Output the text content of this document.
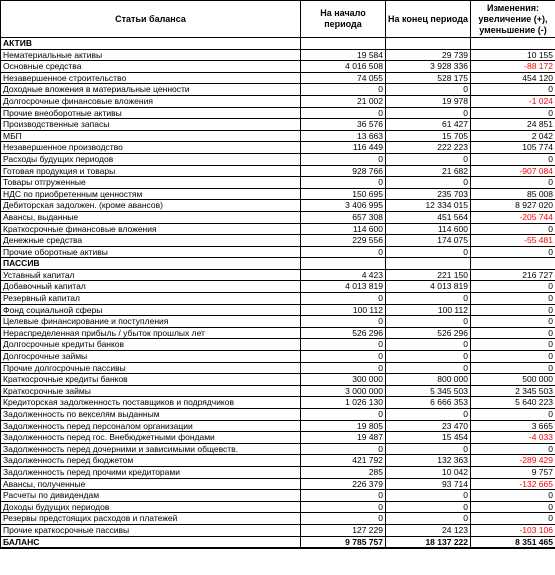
Статьи баланса	На начало периода	На конец периода	Изменения: увеличение (+), уменьшение (-)
АКТИВ			
Нематериальные активы	19 584	29 739	10 155
Основные средства	4 016 508	3 928 336	-88 172
Незавершенное строительство	74 055	528 175	454 120
Доходные вложения в материальные ценности	0	0	0
Долгосрочные финансовые вложения	21 002	19 978	-1 024
Прочие внеоборотные активы	0	0	0
Производственные запасы	36 576	61 427	24 851
МБП	13 663	15 705	2 042
Незавершенное производство	116 449	222 223	105 774
Расходы будущих периодов	0	0	0
Готовая продукция и товары	928 766	21 682	-907 084
Товары отгруженные	0	0	0
НДС по приобретенным ценностям	150 695	235 703	85 008
Дебиторская задолжен. (кроме авансов)	3 406 995	12 334 015	8 927 020
Авансы, выданные	657 308	451 564	-205 744
Краткосрочные финансовые вложения	114 600	114 600	0
Денежные средства	229 556	174 075	-55 481
Прочие оборотные активы	0	0	0
ПАССИВ			
Уставный капитал	4 423	221 150	216 727
Добавочный капитал	4 013 819	4 013 819	0
Резервный капитал	0	0	0
Фонд социальной сферы	100 112	100 112	0
Целевые финансирование и поступления	0	0	0
Нераспределенная прибыль / убыток прошлых лет	526 296	526 296	0
Долгосрочные кредиты банков	0	0	0
Долгосрочные займы	0	0	0
Прочие долгосрочные пассивы	0	0	0
Краткосрочные кредиты банков	300 000	800 000	500 000
Краткосрочные займы	3 000 000	5 345 503	2 345 503
Кредиторская задолженность поставщиков и подрядчиков	1 026 130	6 666 353	5 640 223
Задолженность по векселям выданным	0	0	0
Задолженность перед персоналом организации	19 805	23 470	3 665
Задолженность перед гос. Внебюджетными фондами	19 487	15 454	-4 033
Задолженность перед дочерними и зависимыми общевств.	0	0	0
Задолженность перед бюджетом	421 792	132 363	-289 429
Задолженность перед прочими кредиторами	285	10 042	9 757
Авансы, полученные	226 379	93 714	-132 665
Расчеты по дивидендам	0	0	0
Доходы будущих периодов	0	0	0
Резервы предстоящих расходов и платежей	0	0	0
Прочие краткосрочные пассивы	127 229	24 123	-103 106
БАЛАНС	9 785 757	18 137 222	8 351 465
